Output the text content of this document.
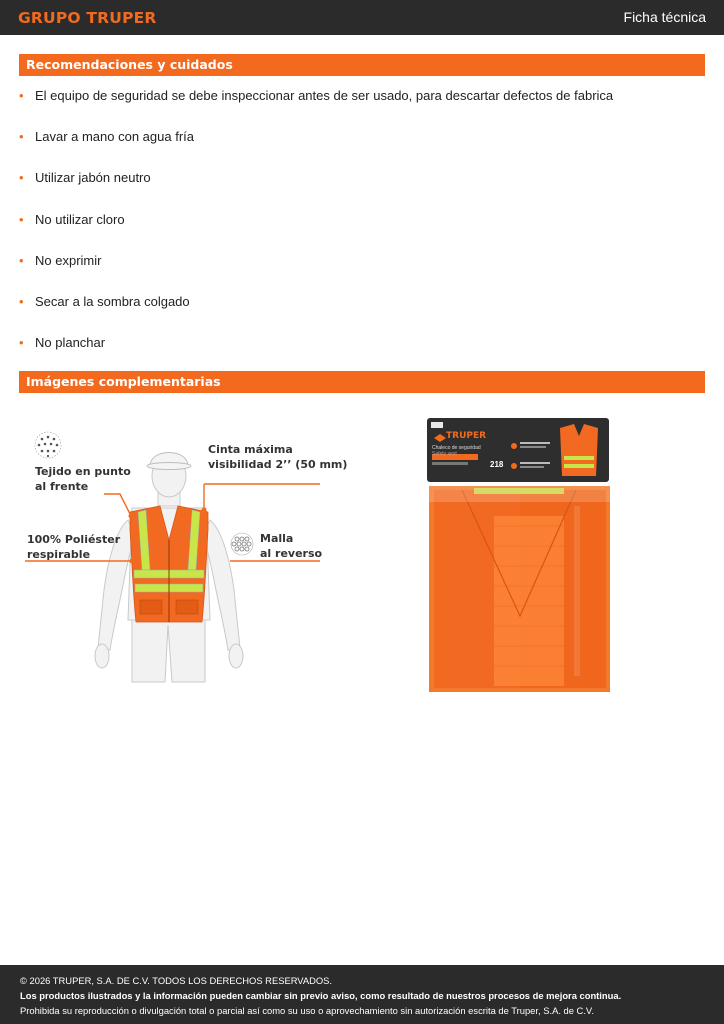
GRUPO TRUPER	Ficha técnica
Recomendaciones y cuidados
• El equipo de seguridad se debe inspeccionar antes de ser usado, para descartar defectos de fabrica
• Lavar a mano con agua fría
• Utilizar jabón neutro
• No utilizar cloro
• No exprimir
• Secar a la sombra colgado
• No planchar
Imágenes complementarias
Tejido en punto
al frente
Cinta máxima
visibilidad 2’’ (50 mm)
100% Poliéster
respirable
Malla
al reverso
TRUPER
Chaleco de seguridad
Safety vest
218
© 2026 TRUPER, S.A. DE C.V. TODOS LOS DERECHOS RESERVADOS.
Los productos ilustrados y la información pueden cambiar sin previo aviso, como resultado de nuestros procesos de mejora continua.
Prohibida su reproducción o divulgación total o parcial así como su uso o aprovechamiento sin autorización escrita de Truper, S.A. de C.V.
